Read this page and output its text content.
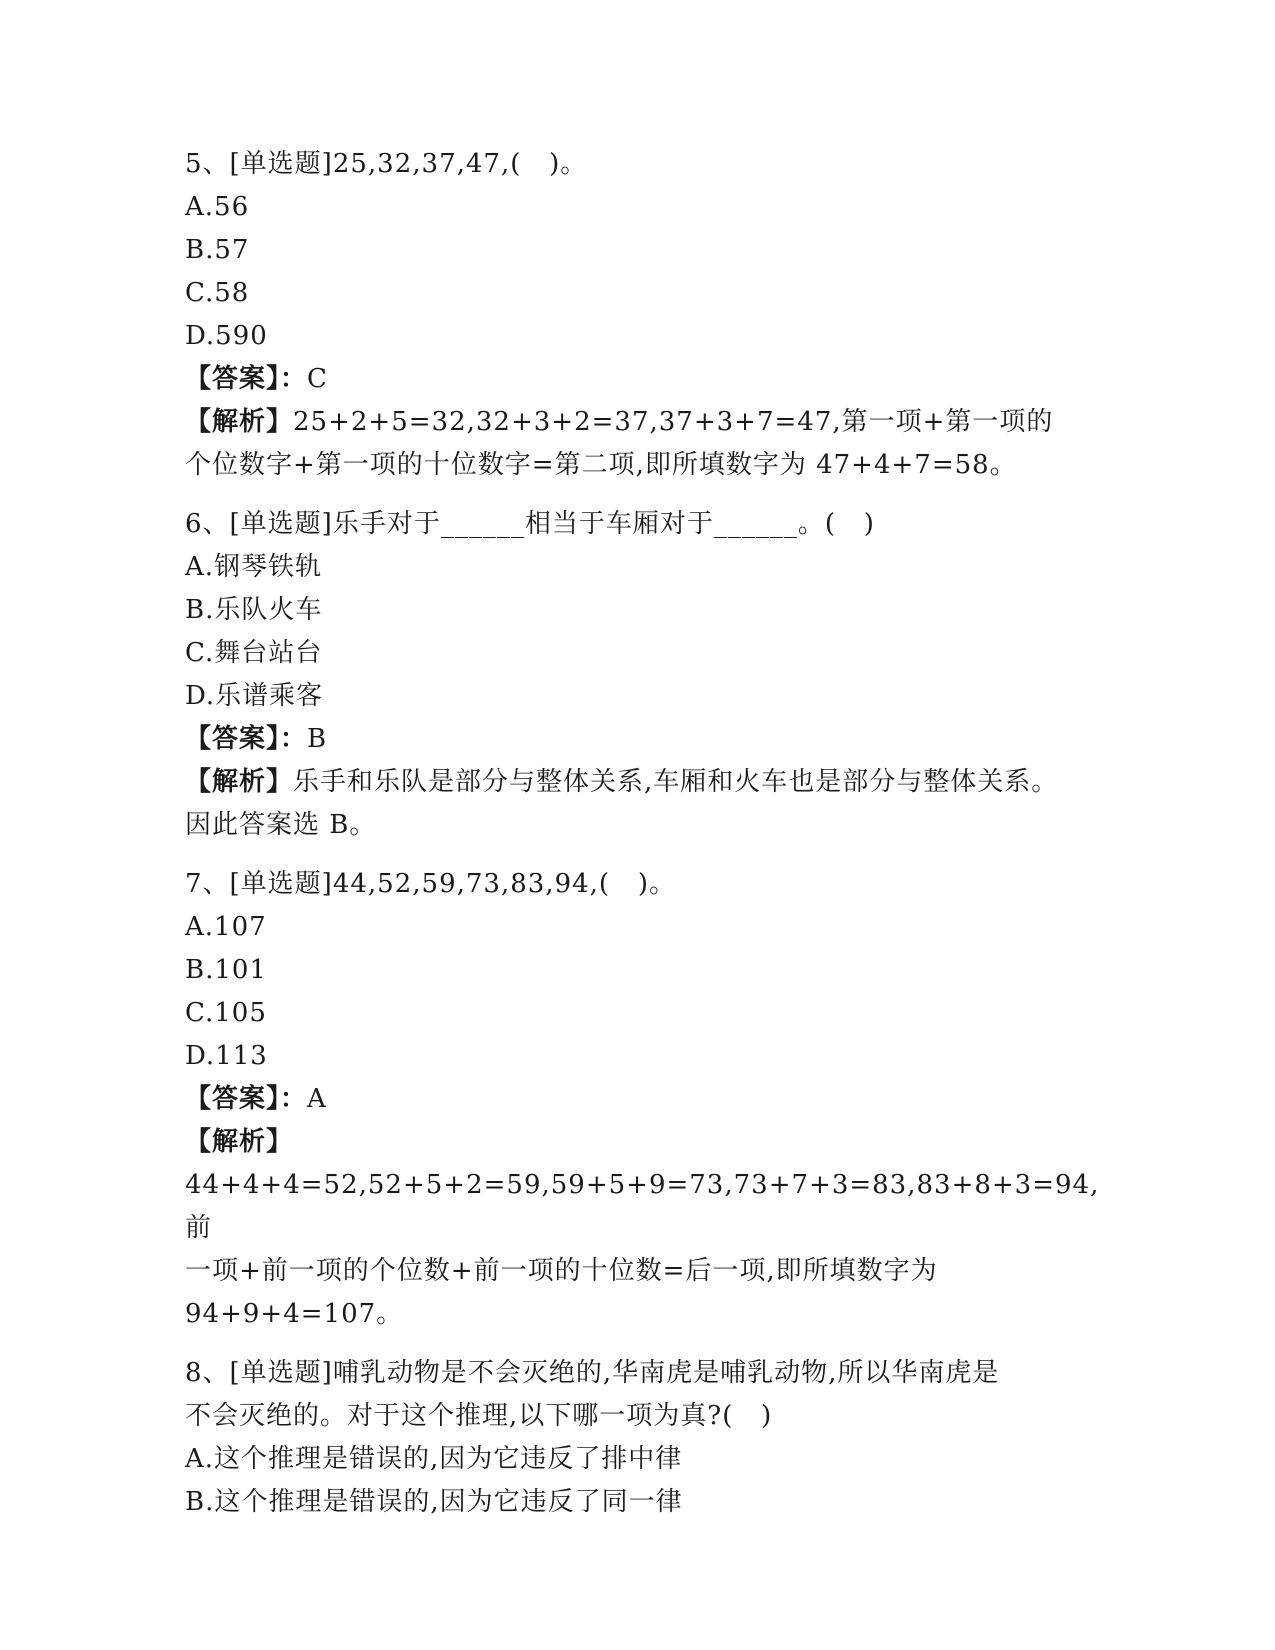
5、[单选题]25,32,37,47,(   )。
A.56
B.57
C.58
D.590
【答案】：C
【解析】25+2+5=32,32+3+2=37,37+3+7=47,第一项+第一项的个位数字+第一项的十位数字=第二项,即所填数字为 47+4+7=58。
6、[单选题]乐手对于______相当于车厢对于______。(   )
A.钢琴铁轨
B.乐队火车
C.舞台站台
D.乐谱乘客
【答案】：B
【解析】乐手和乐队是部分与整体关系,车厢和火车也是部分与整体关系。因此答案选 B。
7、[单选题]44,52,59,73,83,94,(   )。
A.107
B.101
C.105
D.113
【答案】：A
【解析】44+4+4=52,52+5+2=59,59+5+9=73,73+7+3=83,83+8+3=94,前
一项+前一项的个位数+前一项的十位数=后一项,即所填数字为
94+9+4=107。
8、[单选题]哺乳动物是不会灭绝的,华南虎是哺乳动物,所以华南虎是
不会灭绝的。对于这个推理,以下哪一项为真?(   )
A.这个推理是错误的,因为它违反了排中律
B.这个推理是错误的,因为它违反了同一律
